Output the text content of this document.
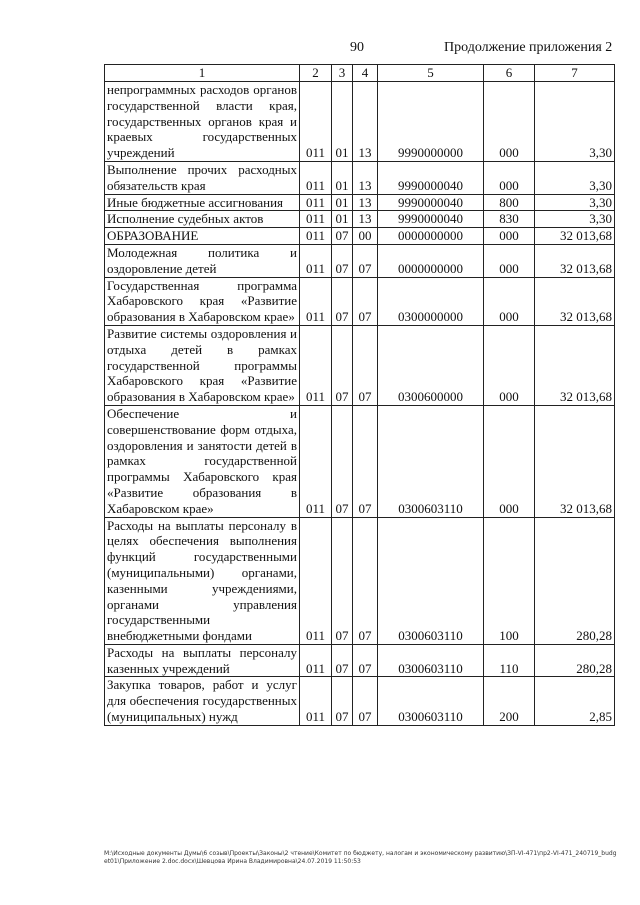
90	Продолжение приложения 2
1	2	3	4	5	6	7
непрограммных расходов органов государственной власти края, государственных органов края и краевых государственных учреждений	011	01	13	9990000000	000	3,30
Выполнение прочих расходных обязательств края	011	01	13	9990000040	000	3,30
Иные бюджетные ассигнования	011	01	13	9990000040	800	3,30
Исполнение судебных актов	011	01	13	9990000040	830	3,30
ОБРАЗОВАНИЕ	011	07	00	0000000000	000	32 013,68
Молодежная политика и оздоровление детей	011	07	07	0000000000	000	32 013,68
Государственная программа Хабаровского края «Развитие образования в Хабаровском крае»	011	07	07	0300000000	000	32 013,68
Развитие системы оздоровления и отдыха детей в рамках государственной программы Хабаровского края «Развитие образования в Хабаровском крае»	011	07	07	0300600000	000	32 013,68
Обеспечение и совершенствование форм отдыха, оздоровления и занятости детей в рамках государственной программы Хабаровского края «Развитие образования в Хабаровском крае»	011	07	07	0300603110	000	32 013,68
Расходы на выплаты персоналу в целях обеспечения выполнения функций государственными (муниципальными) органами, казенными учреждениями, органами управления государственными внебюджетными фондами	011	07	07	0300603110	100	280,28
Расходы на выплаты персоналу казенных учреждений	011	07	07	0300603110	110	280,28
Закупка товаров, работ и услуг для обеспечения государственных (муниципальных) нужд	011	07	07	0300603110	200	2,85
М:\Исходные документы Думы\6 созыв\Проекты\Законы\2 чтение\Комитет по бюджету, налогам и экономическому развитию\ЗП-VI-471\пр2-VI-471_240719_budget01\Приложение 2.doc.docx\Шевцова Ирина Владимировна\24.07.2019 11:50:53
